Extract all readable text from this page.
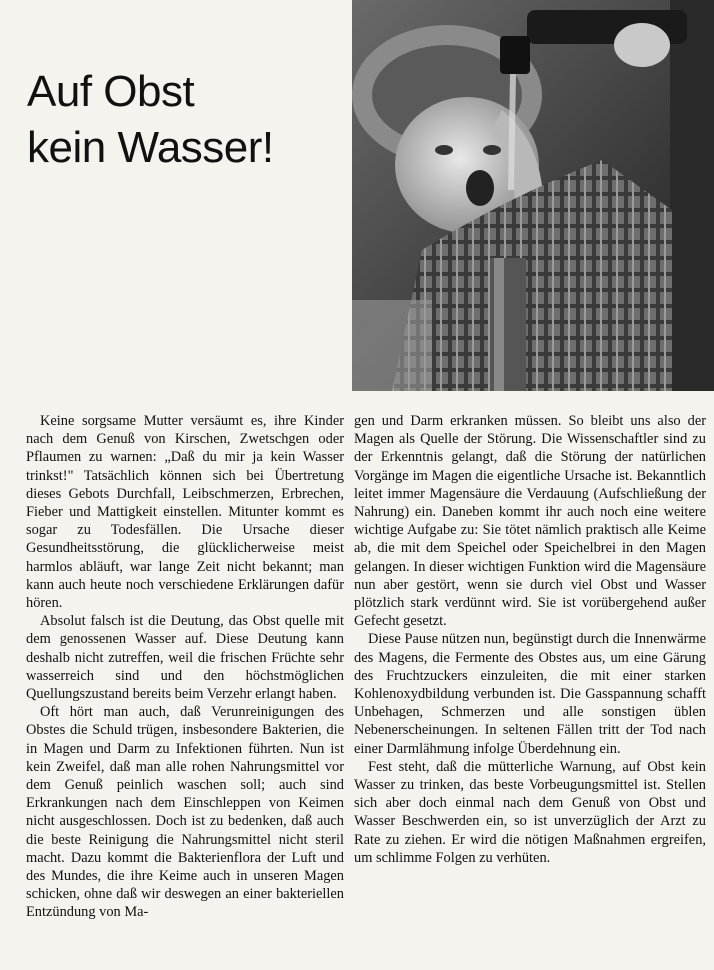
Auf Obst
kein Wasser!

Keine sorgsame Mutter versäumt es, ihre Kinder nach dem Genuß von Kirschen, Zwetschgen oder Pflaumen zu warnen: „Daß du mir ja kein Wasser trinkst!" Tatsächlich können sich bei Übertretung dieses Gebots Durchfall, Leibschmerzen, Erbrechen, Fieber und Mattigkeit einstellen. Mitunter kommt es sogar zu Todesfällen. Die Ursache dieser Gesundheitsstörung, die glücklicherweise meist harmlos abläuft, war lange Zeit nicht bekannt; man kann auch heute noch verschiedene Erklärungen dafür hören.

Absolut falsch ist die Deutung, das Obst quelle mit dem genossenen Wasser auf. Diese Deutung kann deshalb nicht zutreffen, weil die frischen Früchte sehr wasserreich sind und den höchstmöglichen Quellungszustand bereits beim Verzehr erlangt haben.

Oft hört man auch, daß Verunreinigungen des Obstes die Schuld trügen, insbesondere Bakterien, die in Magen und Darm zu Infektionen führten. Nun ist kein Zweifel, daß man alle rohen Nahrungsmittel vor dem Genuß peinlich waschen soll; auch sind Erkrankungen nach dem Einschleppen von Keimen nicht ausgeschlossen. Doch ist zu bedenken, daß auch die beste Reinigung die Nahrungsmittel nicht steril macht. Dazu kommt die Bakterienflora der Luft und des Mundes, die ihre Keime auch in unseren Magen schicken, ohne daß wir deswegen an einer bakteriellen Entzündung von Ma-

gen und Darm erkranken müssen. So bleibt uns also der Magen als Quelle der Störung. Die Wissenschaftler sind zu der Erkenntnis gelangt, daß die Störung der natürlichen Vorgänge im Magen die eigentliche Ursache ist. Bekanntlich leitet immer Magensäure die Verdauung (Aufschließung der Nahrung) ein. Daneben kommt ihr auch noch eine weitere wichtige Aufgabe zu: Sie tötet nämlich praktisch alle Keime ab, die mit dem Speichel oder Speichelbrei in den Magen gelangen. In dieser wichtigen Funktion wird die Magensäure nun aber gestört, wenn sie durch viel Obst und Wasser plötzlich stark verdünnt wird. Sie ist vorübergehend außer Gefecht gesetzt.

Diese Pause nützen nun, begünstigt durch die Innenwärme des Magens, die Fermente des Obstes aus, um eine Gärung des Fruchtzuckers einzuleiten, die mit einer starken Kohlenoxydbildung verbunden ist. Die Gasspannung schafft Unbehagen, Schmerzen und alle sonstigen üblen Nebenerscheinungen. In seltenen Fällen tritt der Tod nach einer Darmlähmung infolge Überdehnung ein.

Fest steht, daß die mütterliche Warnung, auf Obst kein Wasser zu trinken, das beste Vorbeugungsmittel ist. Stellen sich aber doch einmal nach dem Genuß von Obst und Wasser Beschwerden ein, so ist unverzüglich der Arzt zu Rate zu ziehen. Er wird die nötigen Maßnahmen ergreifen, um schlimme Folgen zu verhüten.
